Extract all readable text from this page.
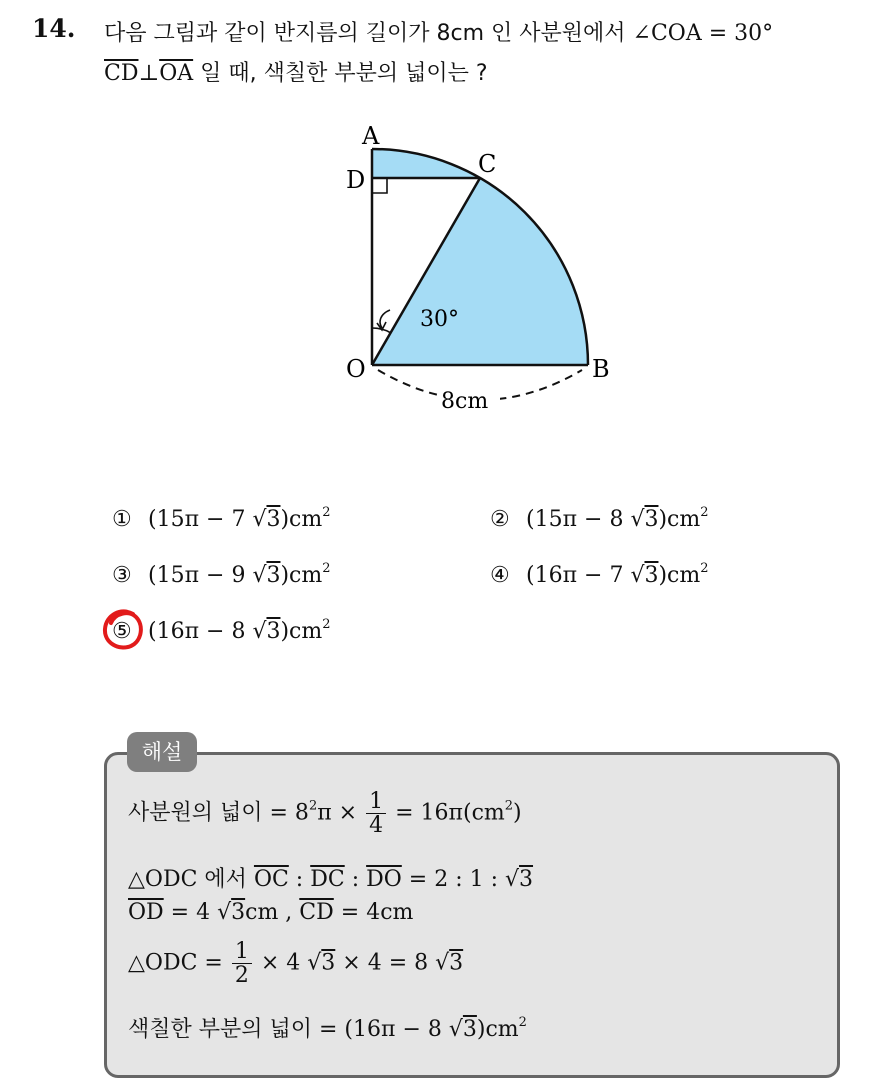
14. 다음 그림과 같이 반지름의 길이가 8cm 인 사분원에서 ∠COA = 30°
$\overline{CD}\perp\overline{OA}$ 일 때, 색칠한 부분의 넓이는 ?
A
D
C
O	B
30°
8cm
① (15π − 7 $√3)cm^2$	② (15π − 8 $√3)cm^2$
③ (15π − 9 $√3)cm^2$	④ (16π − 7 $√3)cm^2$
⑤ (16π − 8 $√3)cm^2$
해설
사분원의 넓이 = $8^2\pi \times \frac{1}{4} = 16\pi(cm^2)$
△ODC 에서 $\overline{OC}$ : $\overline{DC}$ : $\overline{DO} = 2$ : 1 : √3
$\overline{OD} = 4$ √3cm , $\overline{CD} = 4cm$
△ODC = $\frac{1}{2} \times 4$ √3 × 4 = 8 √3
색칠한 부분의 넓이 = (16π − 8 $√3)cm^2$
